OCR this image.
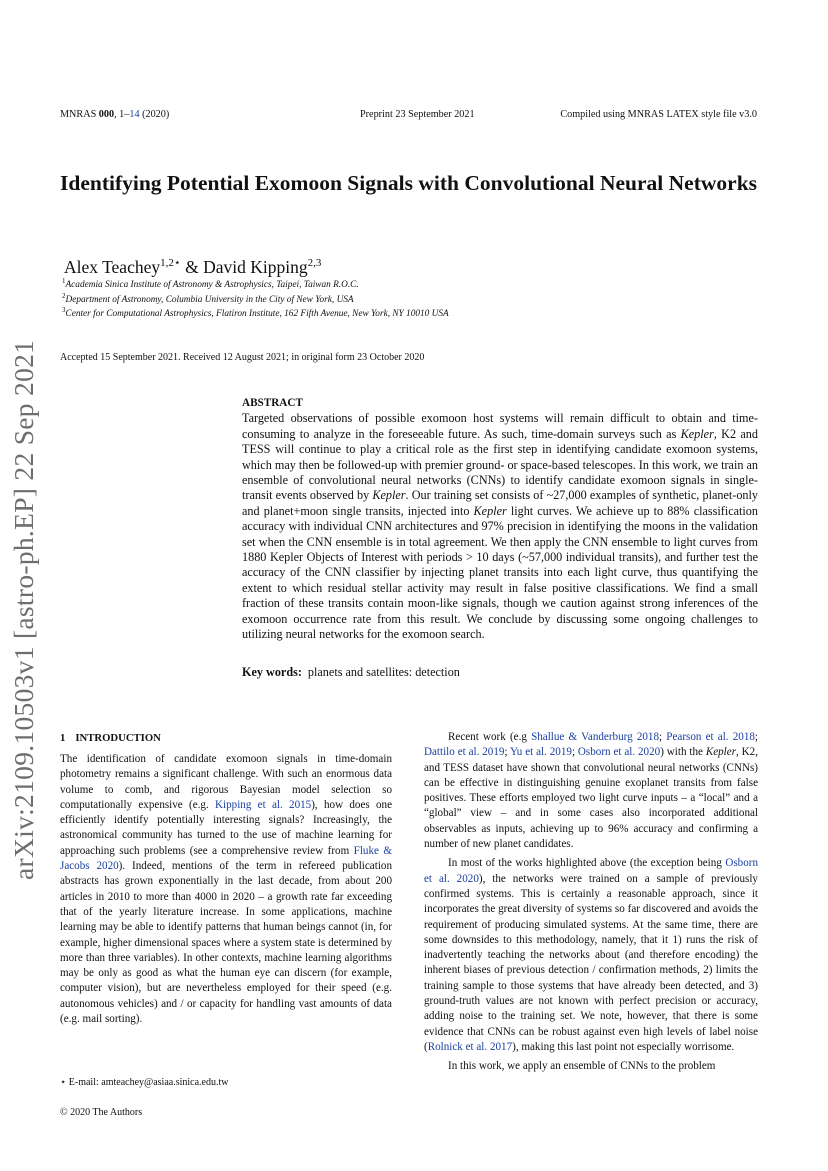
MNRAS 000, 1–14 (2020)	Preprint 23 September 2021	Compiled using MNRAS LATEX style file v3.0
Identifying Potential Exomoon Signals with Convolutional Neural Networks
Alex Teachey$^{1,2⋆}$ & David Kipping$^{2,3}$
$^1$Academia Sinica Institute of Astronomy & Astrophysics, Taipei, Taiwan R.O.C.
$^2$Department of Astronomy, Columbia University in the City of New York, USA
$^3$Center for Computational Astrophysics, Flatiron Institute, 162 Fifth Avenue, New York, NY 10010 USA
Accepted 15 September 2021. Received 12 August 2021; in original form 23 October 2020
arXiv:2109.10503v1 [astro-ph.EP] 22 Sep 2021	ABSTRACT
Targeted observations of possible exomoon host systems will remain difficult to obtain and time-consuming to analyze in the foreseeable future. As such, time-domain surveys such as Kepler, K2 and TESS will continue to play a critical role as the first step in identifying candidate exomoon systems, which may then be followed-up with premier ground- or space-based telescopes. In this work, we train an ensemble of convolutional neural networks (CNNs) to identify candidate exomoon signals in single-transit events observed by Kepler. Our training set consists of ~27,000 examples of synthetic, planet-only and planet+moon single transits, injected into Kepler light curves. We achieve up to 88% classification accuracy with individual CNN architectures and 97% precision in identifying the moons in the validation set when the CNN ensemble is in total agreement. We then apply the CNN ensemble to light curves from 1880 Kepler Objects of Interest with periods > 10 days (~57,000 individual transits), and further test the accuracy of the CNN classifier by injecting planet transits into each light curve, thus quantifying the extent to which residual stellar activity may result in false positive classifications. We find a small fraction of these transits contain moon-like signals, though we caution against strong inferences of the exomoon occurrence rate from this result. We conclude by discussing some ongoing challenges to utilizing neural networks for the exomoon search.
Key words: planets and satellites: detection
1 INTRODUCTION

The identification of candidate exomoon signals in time-domain photometry remains a significant challenge. With such an enormous data volume to comb, and rigorous Bayesian model selection so computationally expensive (e.g. Kipping et al. 2015), how does one efficiently identify potentially interesting signals? Increasingly, the astronomical community has turned to the use of machine learning for approaching such problems (see a comprehensive review from Fluke & Jacobs 2020). Indeed, mentions of the term in refereed publication abstracts has grown exponentially in the last decade, from about 200 articles in 2010 to more than 4000 in 2020 – a growth rate far exceeding that of the yearly literature increase. In some applications, machine learning may be able to identify patterns that human beings cannot (in, for example, higher dimensional spaces where a system state is determined by more than three variables). In other contexts, machine learning algorithms may be only as good as what the human eye can discern (for example, computer vision), but are nevertheless employed for their speed (e.g. autonomous vehicles) and / or capacity for handling vast amounts of data (e.g. mail sorting).

Recent work (e.g Shallue & Vanderburg 2018; Pearson et al. 2018; Dattilo et al. 2019; Yu et al. 2019; Osborn et al. 2020) with the Kepler, K2, and TESS dataset have shown that convolutional neural networks (CNNs) can be effective in distinguishing genuine exoplanet transits from false positives. These efforts employed two light curve inputs – a “local” and a “global” view – and in some cases also incorporated additional observables as inputs, achieving up to 96% accuracy and confirming a number of new planet candidates.

In most of the works highlighted above (the exception being Osborn et al. 2020), the networks were trained on a sample of previously confirmed systems. This is certainly a reasonable approach, since it incorporates the great diversity of systems so far discovered and avoids the requirement of producing simulated systems. At the same time, there are some downsides to this methodology, namely, that it 1) runs the risk of inadvertently teaching the networks about (and therefore encoding) the inherent biases of previous detection / confirmation methods, 2) limits the training sample to those systems that have already been detected, and 3) ground-truth values are not known with perfect precision or accuracy, adding noise to the training set. We note, however, that there is some evidence that CNNs can be robust against even high levels of label noise (Rolnick et al. 2017), making this last point not especially worrisome.

In this work, we apply an ensemble of CNNs to the problem

⋆ E-mail: amteachey@asiaa.sinica.edu.tw
© 2020 The Authors
